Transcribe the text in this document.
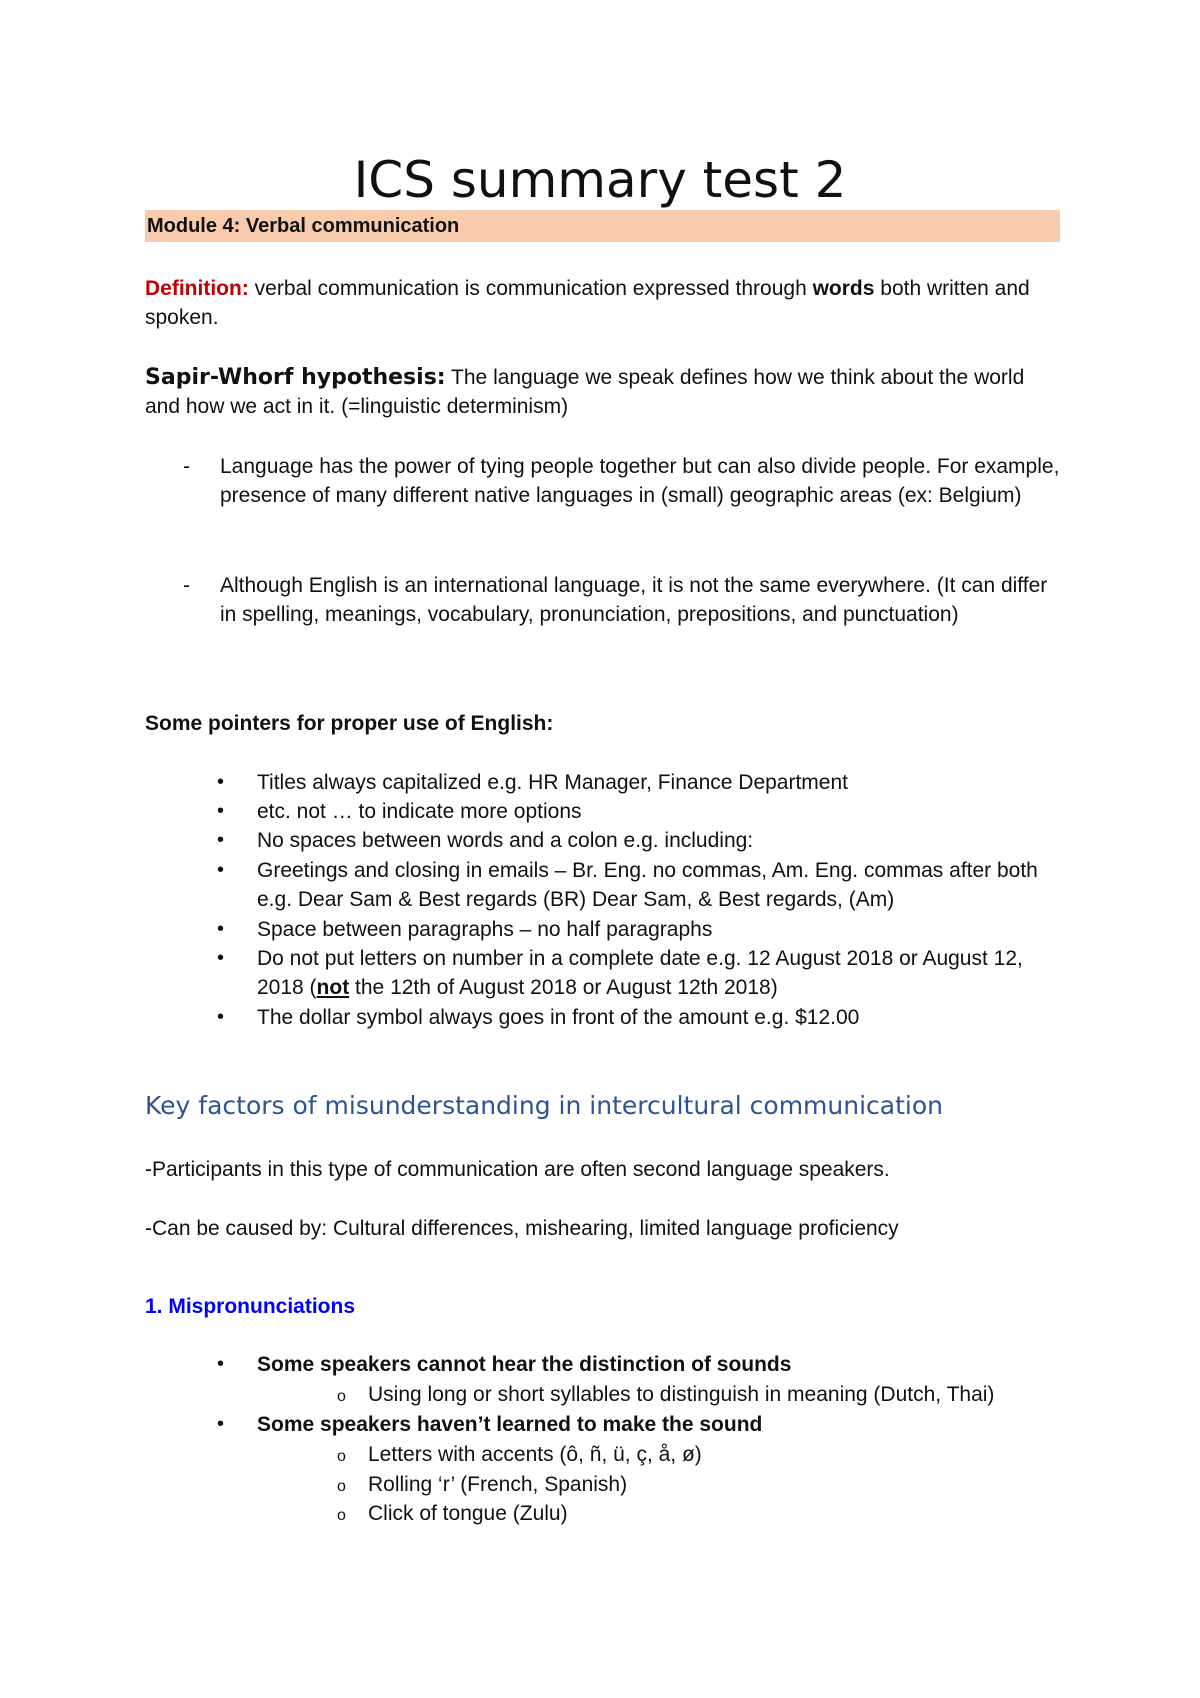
ICS summary test 2
Module 4: Verbal communication
Definition: verbal communication is communication expressed through words both written and spoken.
Sapir-Whorf hypothesis: The language we speak defines how we think about the world and how we act in it. (=linguistic determinism)
- Language has the power of tying people together but can also divide people. For example, presence of many different native languages in (small) geographic areas (ex: Belgium)
- Although English is an international language, it is not the same everywhere. (It can differ in spelling, meanings, vocabulary, pronunciation, prepositions, and punctuation)
Some pointers for proper use of English:
• Titles always capitalized e.g. HR Manager, Finance Department
• etc. not … to indicate more options
• No spaces between words and a colon e.g. including:
• Greetings and closing in emails – Br. Eng. no commas, Am. Eng. commas after both e.g. Dear Sam & Best regards (BR) Dear Sam, & Best regards, (Am)
• Space between paragraphs – no half paragraphs
• Do not put letters on number in a complete date e.g. 12 August 2018 or August 12, 2018 (not the 12th of August 2018 or August 12th 2018)
• The dollar symbol always goes in front of the amount e.g. $12.00
Key factors of misunderstanding in intercultural communication
-Participants in this type of communication are often second language speakers.
-Can be caused by: Cultural differences, mishearing, limited language proficiency
1. Mispronunciations
• Some speakers cannot hear the distinction of sounds
o Using long or short syllables to distinguish in meaning (Dutch, Thai)
• Some speakers haven’t learned to make the sound
o Letters with accents (ô, ñ, ü, ç, å, ø)
o Rolling ‘r’ (French, Spanish)
o Click of tongue (Zulu)
